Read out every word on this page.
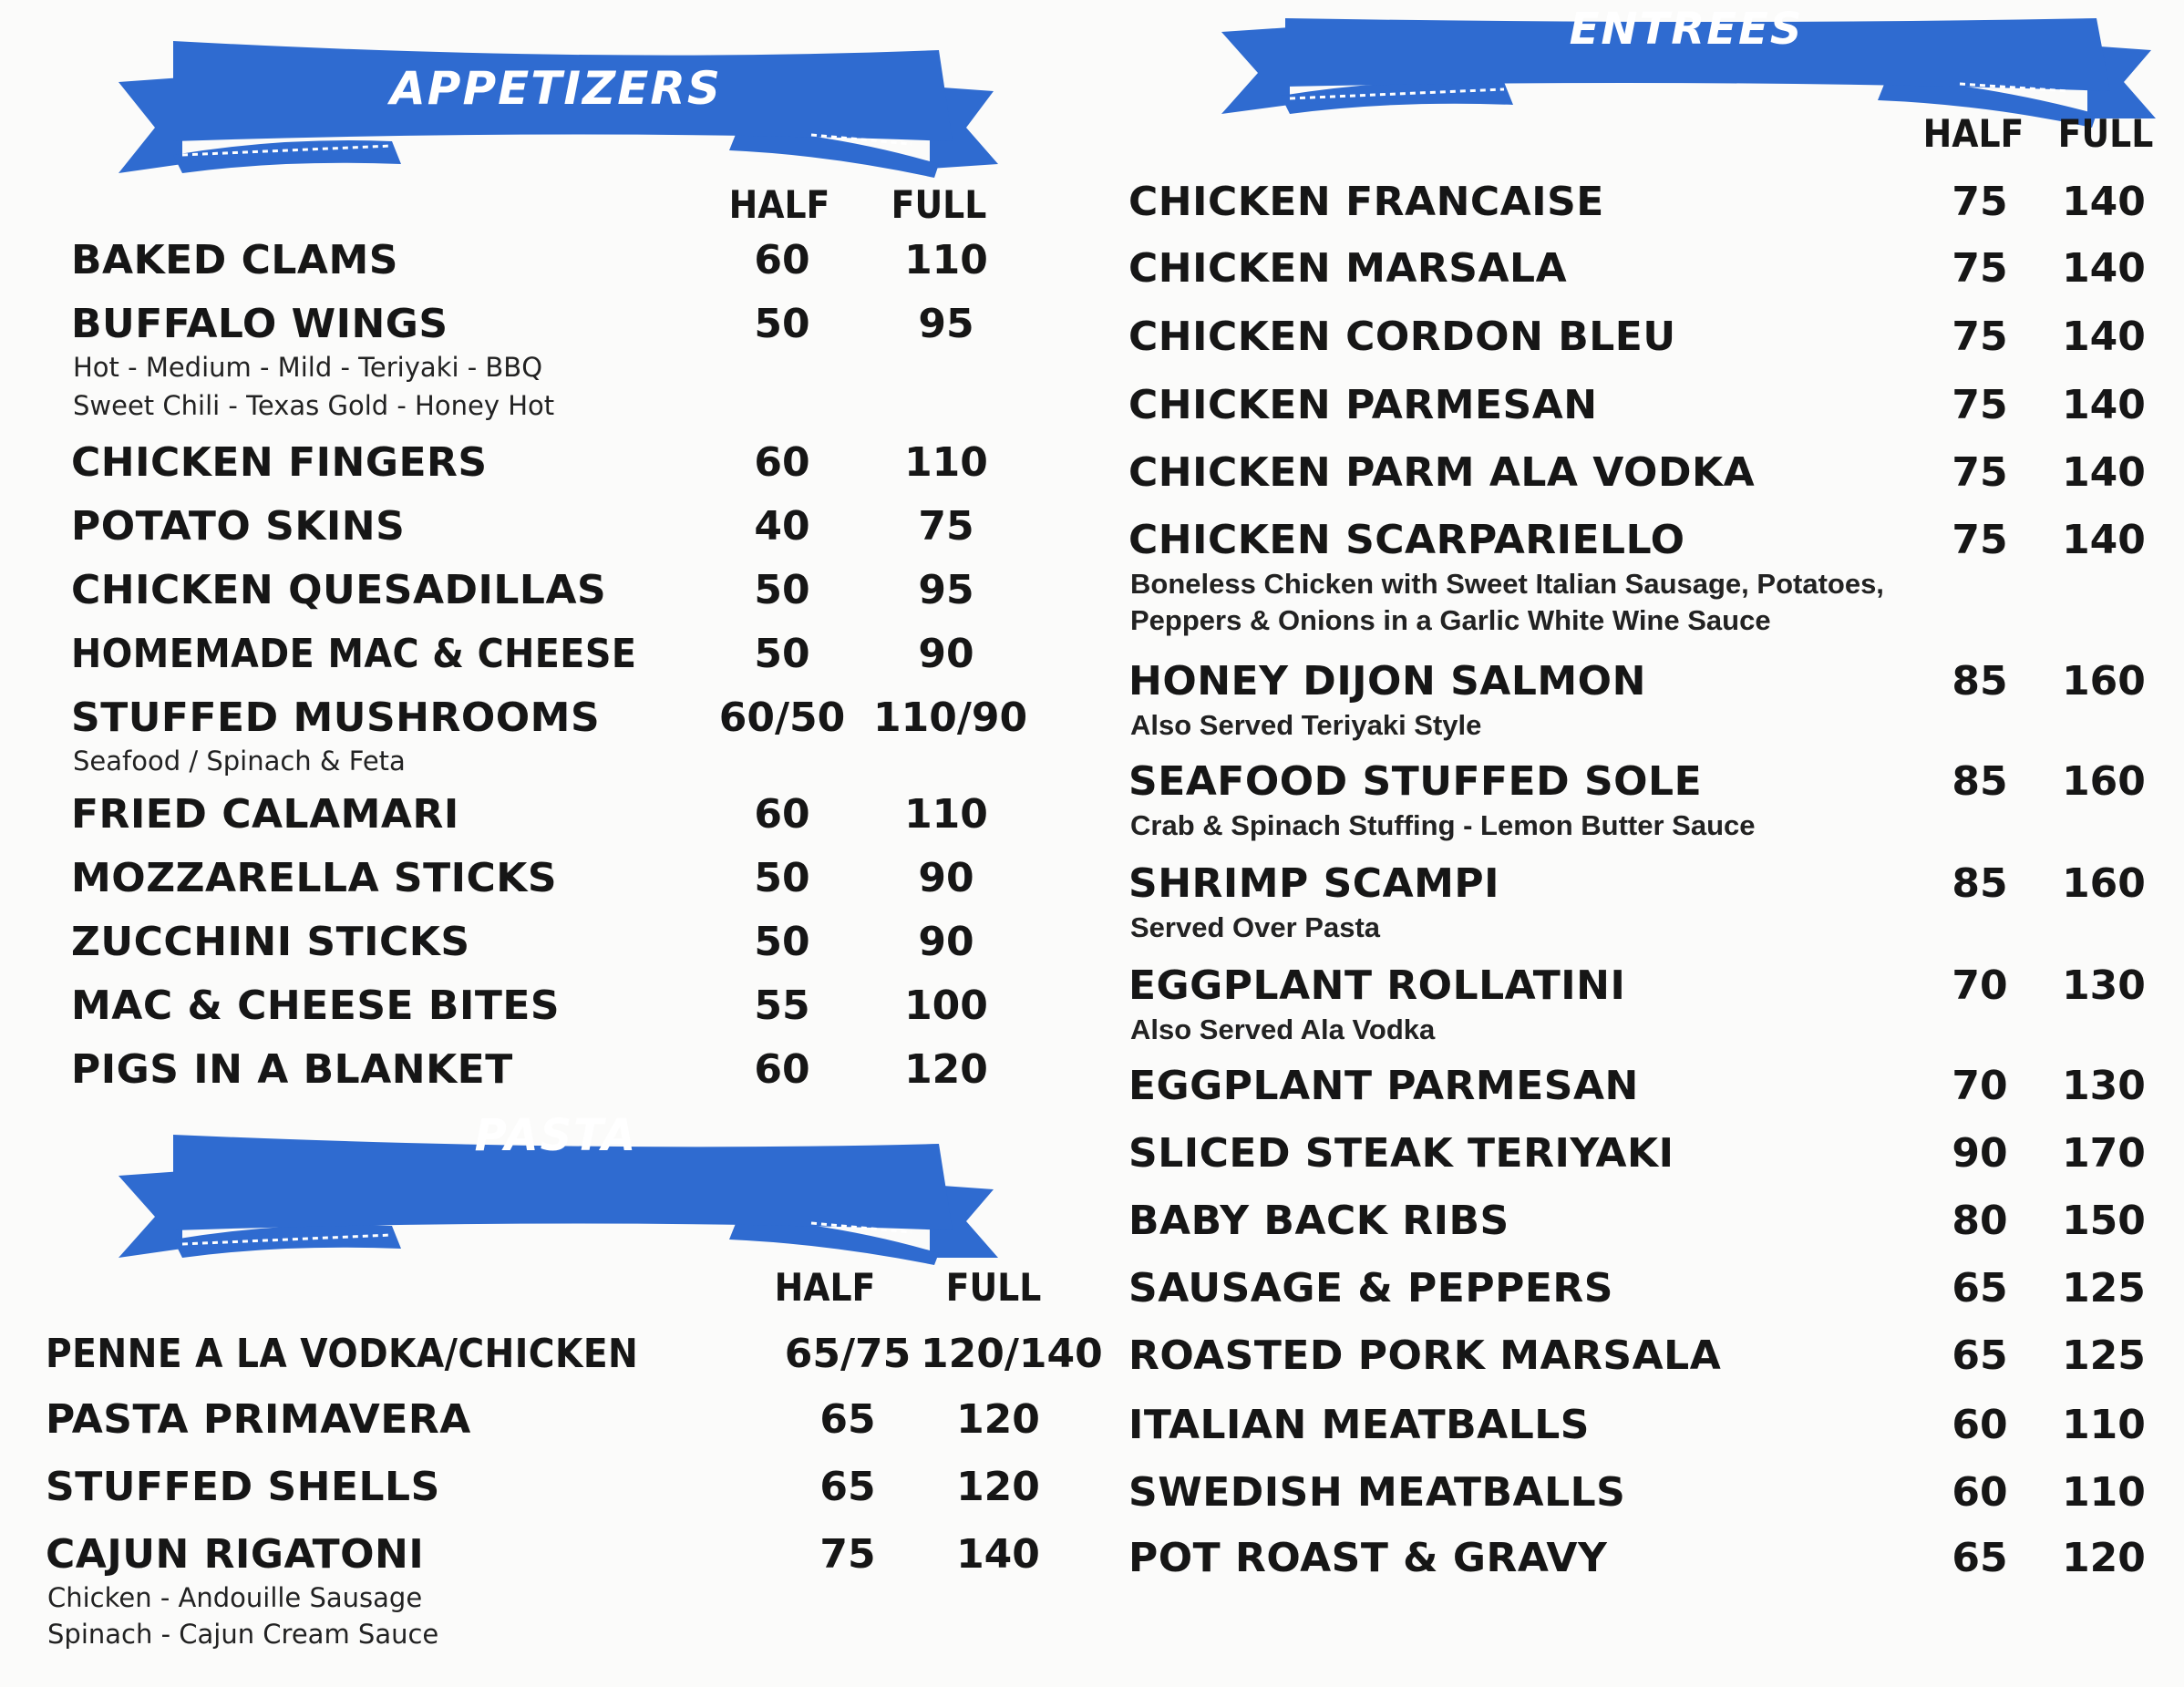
APPETIZERS
HALF	FULL
BAKED CLAMS	60	110
BUFFALO WINGS	50	95
Hot - Medium - Mild - Teriyaki - BBQ
Sweet Chili - Texas Gold - Honey Hot
CHICKEN FINGERS	60	110
POTATO SKINS	40	75
CHICKEN QUESADILLAS	50	95
HOMEMADE MAC & CHEESE	50	90
STUFFED MUSHROOMS	60/50 110/90
Seafood / Spinach & Feta
FRIED CALAMARI	60	110
MOZZARELLA STICKS	50	90
ZUCCHINI STICKS	50	90
MAC & CHEESE BITES	55	100
PIGS IN A BLANKET	60	120
PASTA
HALF	FULL
PENNE A LA VODKA/CHICKEN	65/75 120/140
PASTA PRIMAVERA	65	120
STUFFED SHELLS	65	120
CAJUN RIGATONI	75	140
Chicken - Andouille Sausage
Spinach - Cajun Cream Sauce
ENTREES
HALF FULL
CHICKEN FRANCAISE	75	140
CHICKEN MARSALA	75	140
CHICKEN CORDON BLEU	75	140
CHICKEN PARMESAN	75	140
CHICKEN PARM ALA VODKA	75	140
CHICKEN SCARPARIELLO	75	140
Boneless Chicken with Sweet Italian Sausage, Potatoes,
Peppers & Onions in a Garlic White Wine Sauce
HONEY DIJON SALMON	85	160
Also Served Teriyaki Style
SEAFOOD STUFFED SOLE	85	160
Crab & Spinach Stuffing - Lemon Butter Sauce
SHRIMP SCAMPI	85	160
Served Over Pasta
EGGPLANT ROLLATINI	70	130
Also Served Ala Vodka
EGGPLANT PARMESAN	70	130
SLICED STEAK TERIYAKI	90	170
BABY BACK RIBS	80	150
SAUSAGE & PEPPERS	65	125
ROASTED PORK MARSALA	65	125
ITALIAN MEATBALLS	60	110
SWEDISH MEATBALLS	60	110
POT ROAST & GRAVY	65	120
